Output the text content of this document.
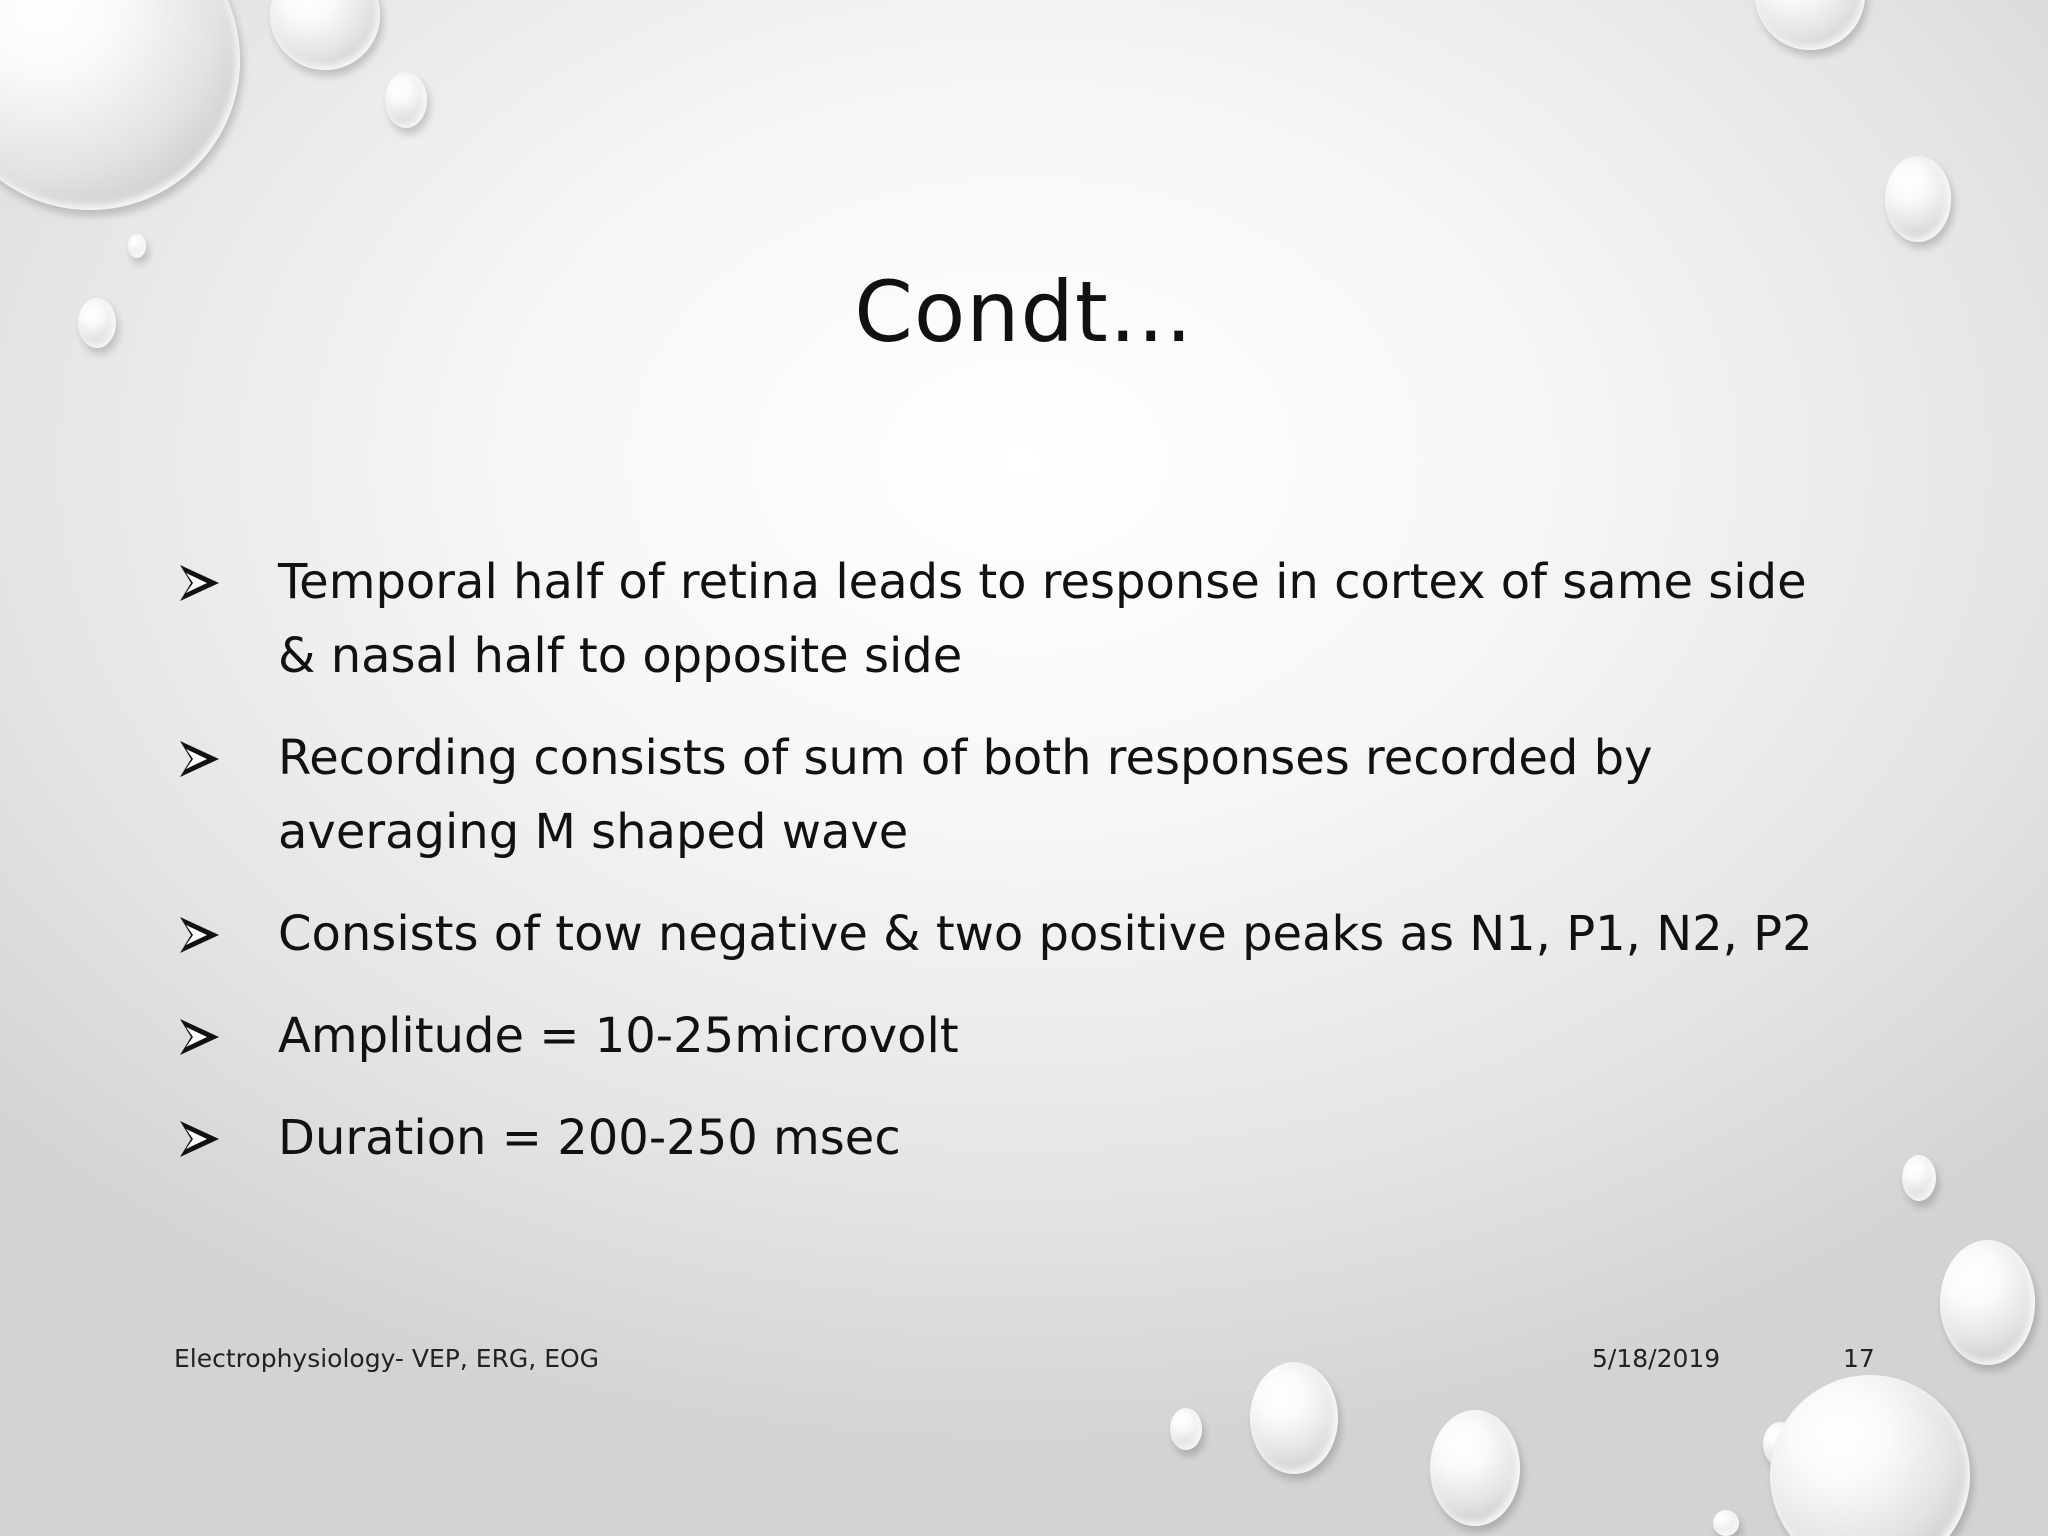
Condt…
Temporal half of retina leads to response in cortex of same side & nasal half to opposite side
Recording consists of sum of both responses recorded by averaging M shaped wave
Consists of tow negative & two positive peaks as N1, P1, N2, P2
Amplitude = 10-25microvolt
Duration = 200-250 msec
Electrophysiology- VEP, ERG, EOG	5/18/2019	17
